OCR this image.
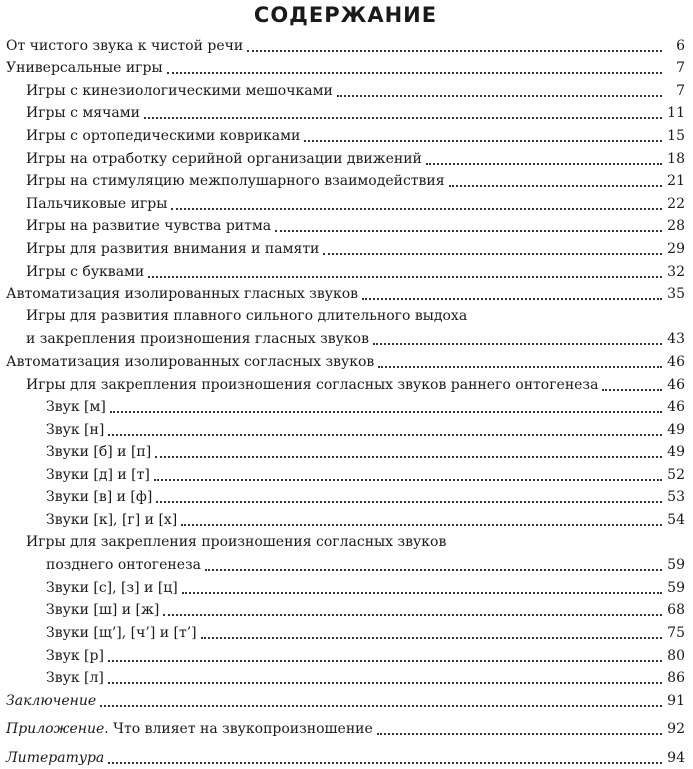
СОДЕРЖАНИЕ
От чистого звука к чистой речи	6
Универсальные игры	7
Игры с кинезиологическими мешочками	7
Игры с мячами	11
Игры с ортопедическими ковриками	15
Игры на отработку серийной организации движений	18
Игры на стимуляцию межполушарного взаимодействия	21
Пальчиковые игры	22
Игры на развитие чувства ритма	28
Игры для развития внимания и памяти	29
Игры с буквами	32
Автоматизация изолированных гласных звуков	35
Игры для развития плавного сильного длительного выдоха
и закрепления произношения гласных звуков	43
Автоматизация изолированных согласных звуков	46
Игры для закрепления произношения согласных звуков раннего онтогенеза	46
Звук [м]	46
Звук [н]	49
Звуки [б] и [п]	49
Звуки [д] и [т]	52
Звуки [в] и [ф]	53
Звуки [к], [г] и [х]	54
Игры для закрепления произношения согласных звуков
позднего онтогенеза	59
Звуки [с], [з] и [ц]	59
Звуки [ш] и [ж]	68
Звуки [щ’], [ч’] и [т’]	75
Звук [р]	80
Звук [л]	86
Заключение	91
Приложение. Что влияет на звукопроизношение	92
Литература	94
